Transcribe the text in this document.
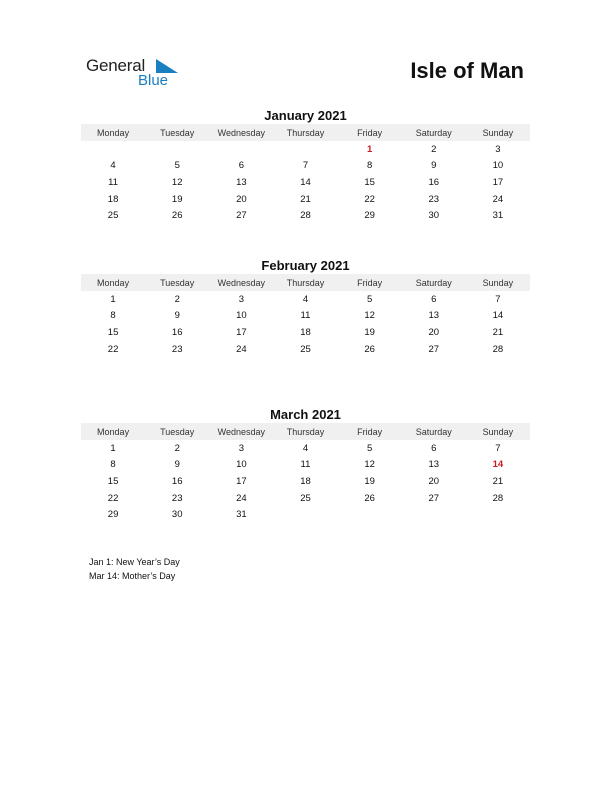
General
Blue	Isle of Man
January 2021
Monday	Tuesday	Wednesday	Thursday	Friday	Saturday	Sunday
				1	2	3
4	5	6	7	8	9	10
11	12	13	14	15	16	17
18	19	20	21	22	23	24
25	26	27	28	29	30	31
February 2021
Monday	Tuesday	Wednesday	Thursday	Friday	Saturday	Sunday
1	2	3	4	5	6	7
8	9	10	11	12	13	14
15	16	17	18	19	20	21
22	23	24	25	26	27	28
March 2021
Monday	Tuesday	Wednesday	Thursday	Friday	Saturday	Sunday
1	2	3	4	5	6	7
8	9	10	11	12	13	14
15	16	17	18	19	20	21
22	23	24	25	26	27	28
29	30	31				
Jan 1: New Year’s Day
Mar 14: Mother’s Day
